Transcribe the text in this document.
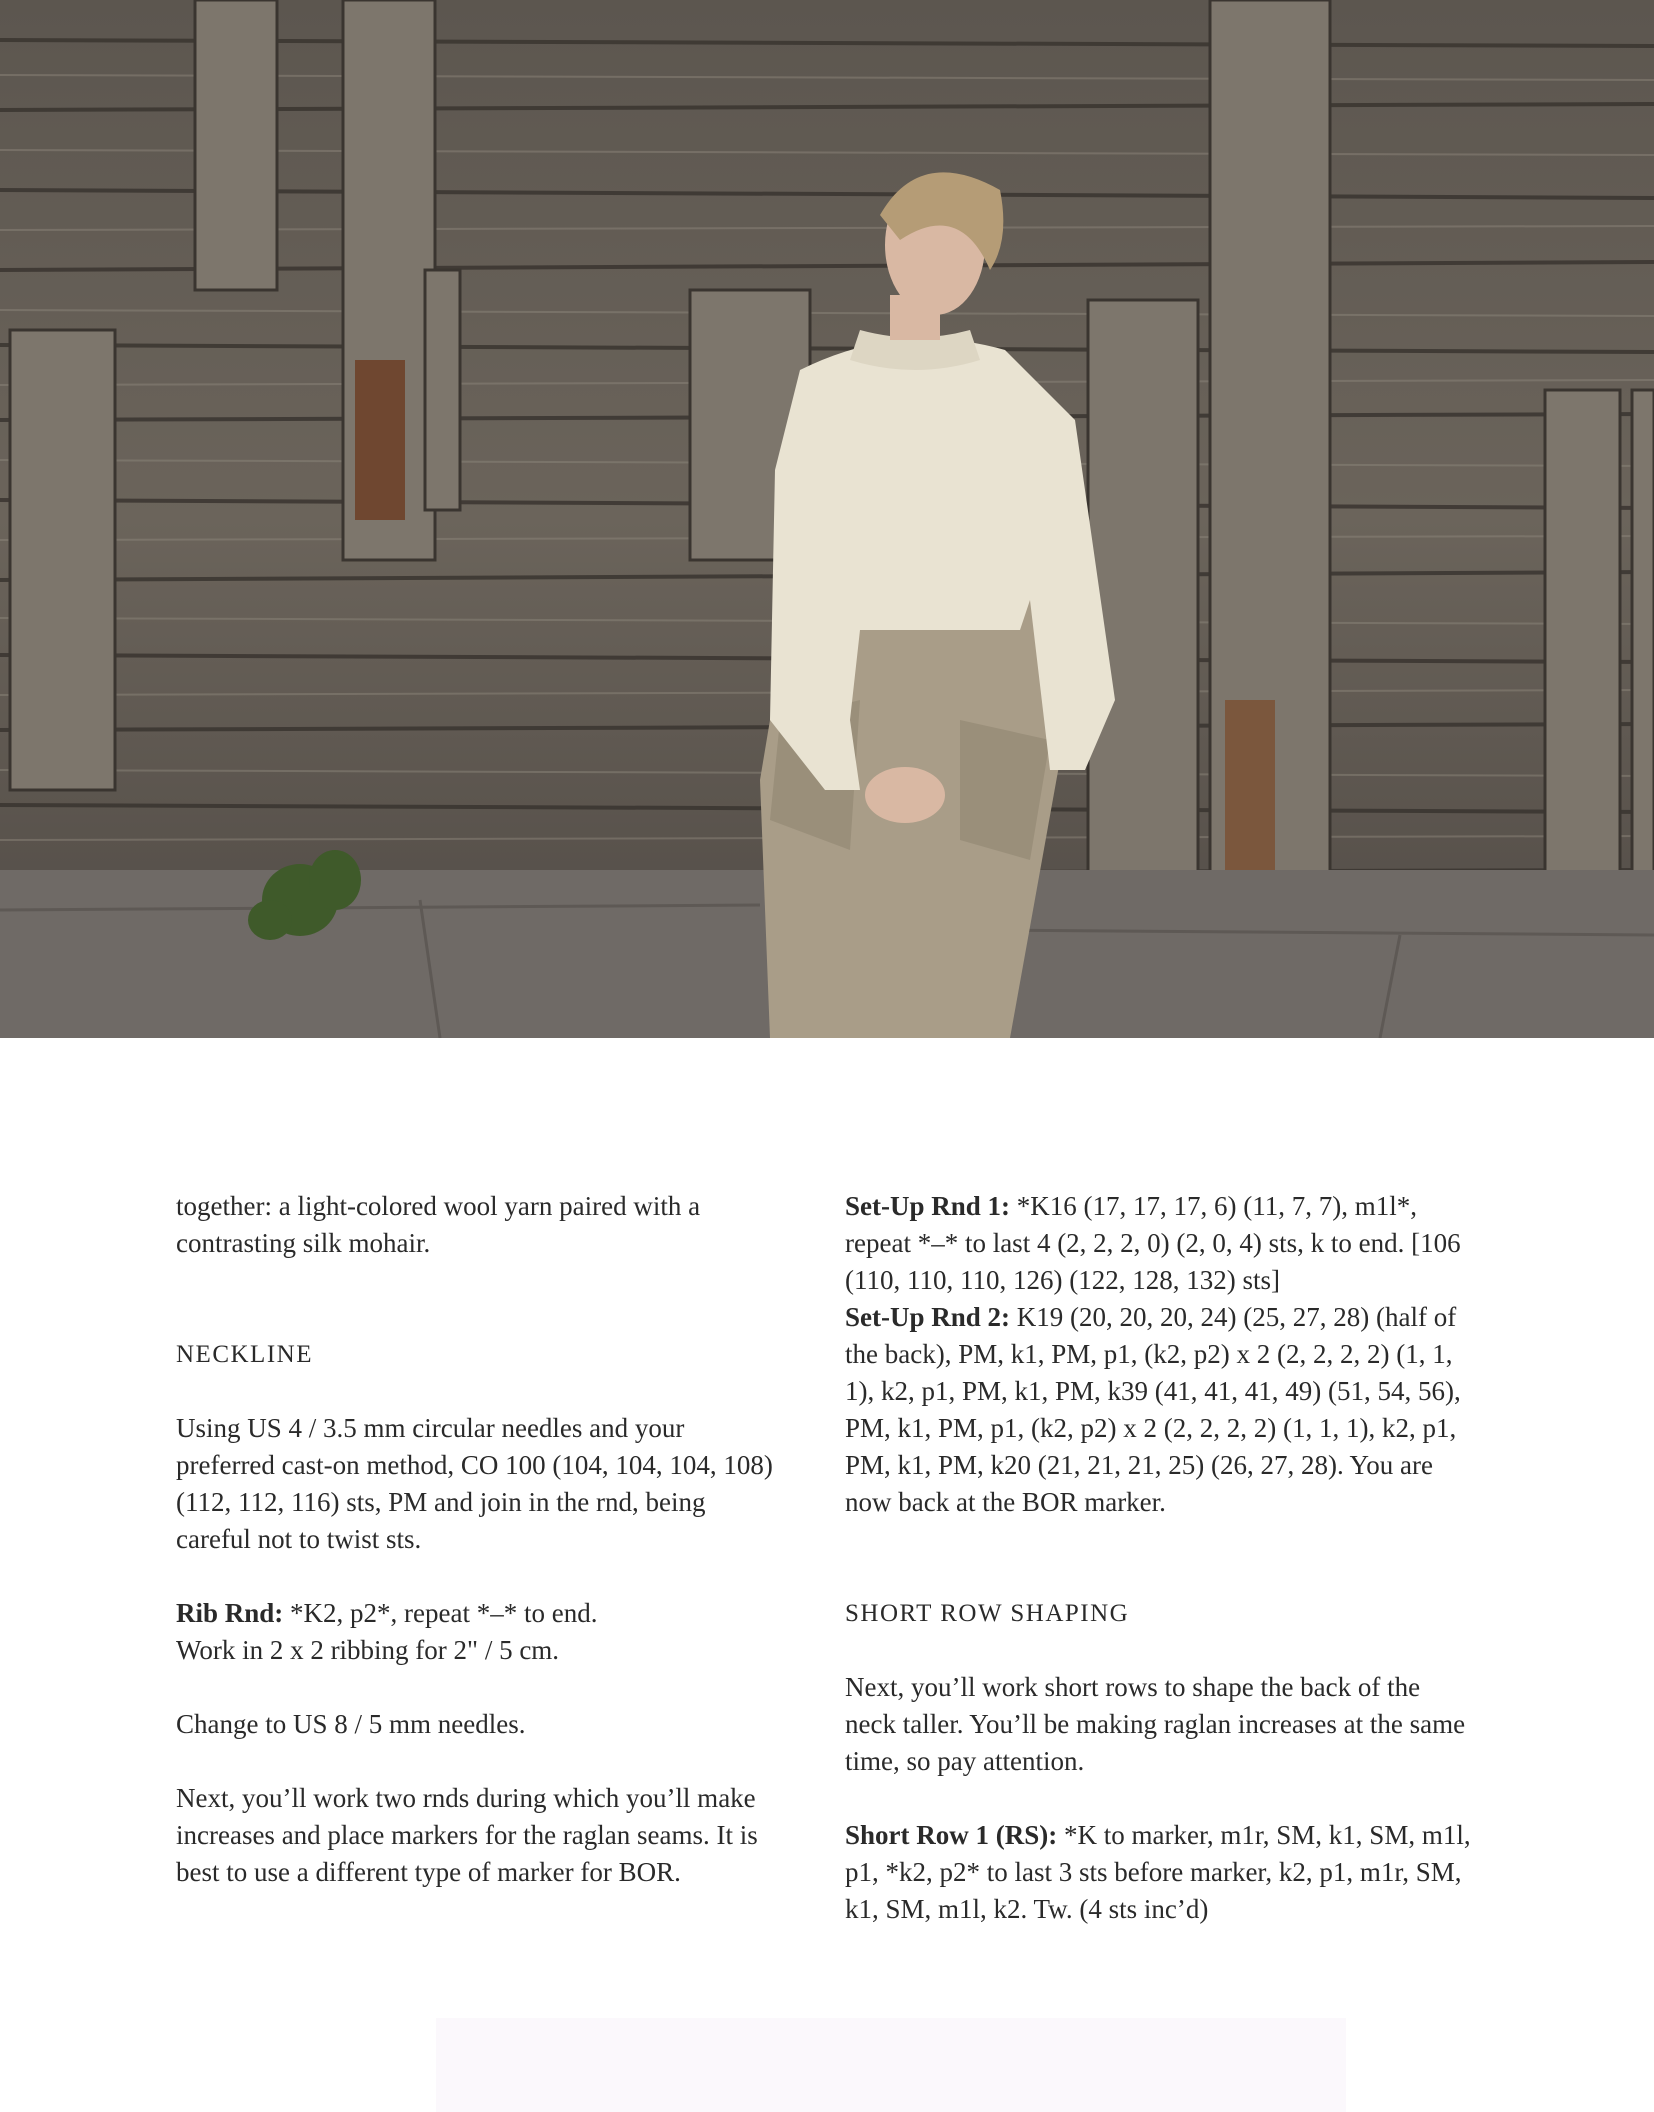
together: a light-colored wool yarn paired with a contrasting silk mohair.

NECKLINE

Using US 4 / 3.5 mm circular needles and your preferred cast-on method, CO 100 (104, 104, 104, 108) (112, 112, 116) sts, PM and join in the rnd, being careful not to twist sts.

Rib Rnd: *K2, p2*, repeat *–* to end.

Work in 2 x 2 ribbing for 2" / 5 cm.

Change to US 8 / 5 mm needles.

Next, you’ll work two rnds during which you’ll make increases and place markers for the raglan seams. It is best to use a different type of marker for BOR.

Set-Up Rnd 1: *K16 (17, 17, 17, 6) (11, 7, 7), m1l*, repeat *–* to last 4 (2, 2, 2, 0) (2, 0, 4) sts, k to end. [106 (110, 110, 110, 126) (122, 128, 132) sts]

Set-Up Rnd 2: K19 (20, 20, 20, 24) (25, 27, 28) (half of the back), PM, k1, PM, p1, (k2, p2) x 2 (2, 2, 2, 2) (1, 1, 1), k2, p1, PM, k1, PM, k39 (41, 41, 41, 49) (51, 54, 56), PM, k1, PM, p1, (k2, p2) x 2 (2, 2, 2, 2) (1, 1, 1), k2, p1, PM, k1, PM, k20 (21, 21, 21, 25) (26, 27, 28). You are now back at the BOR marker.

SHORT ROW SHAPING

Next, you’ll work short rows to shape the back of the neck taller. You’ll be making raglan increases at the same time, so pay attention.

Short Row 1 (RS): *K to marker, m1r, SM, k1, SM, m1l, p1, *k2, p2* to last 3 sts before marker, k2, p1, m1r, SM, k1, SM, m1l, k2. Tw. (4 sts inc’d)
